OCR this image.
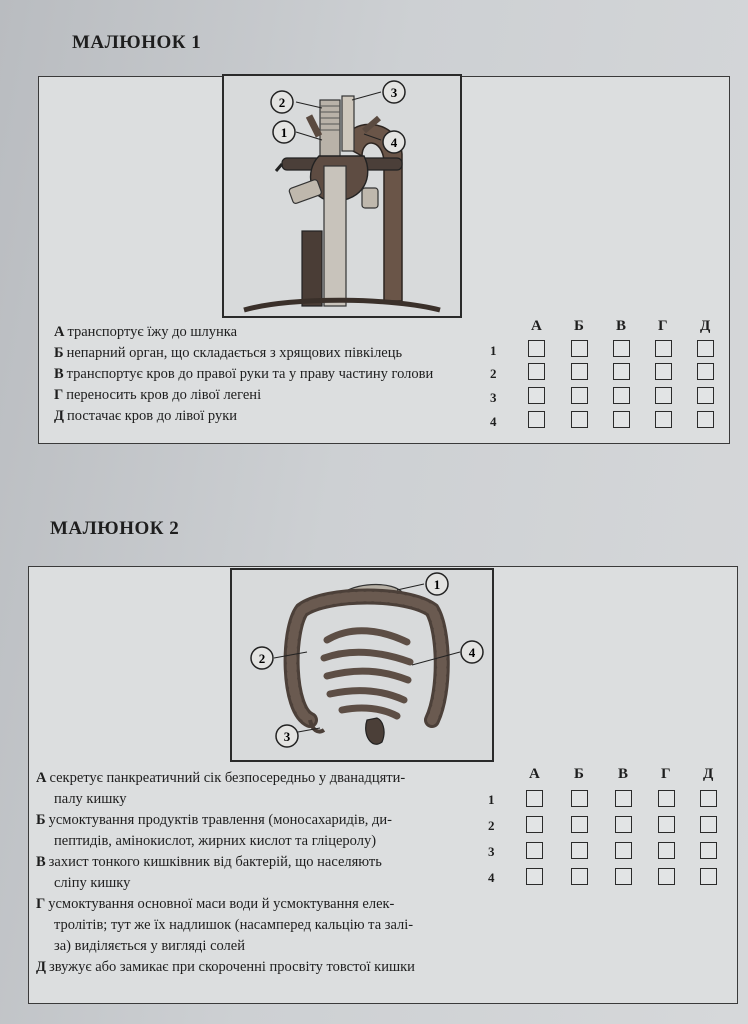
МАЛЮНОК 1
2
3
1
4

А транспортує їжу до шлунка

Б непарний орган, що складається з хрящових півкілець

В транспортує кров до правої руки та у праву частину голови

Г переносить кров до лівої легені

Д постачає кров до лівої руки

А Б В Г Д
1
2
3
4
МАЛЮНОК 2
1
2	4
3

А секретує панкреатичний сік безпосередньо у дванадцяти-

палу кишку

Б усмоктування продуктів травлення (моносахаридів, ди-

пептидів, амінокислот, жирних кислот та гліцеролу)

В захист тонкого кишківник від бактерій, що населяють

сліпу кишку

Г усмоктування основної маси води й усмоктування елек-

тролітів; тут же їх надлишок (насамперед кальцію та залі-

за) виділяється у вигляді солей

Д звужує або замикає при скороченні просвіту товстої кишки

А Б В Г Д
1
2
3
4
